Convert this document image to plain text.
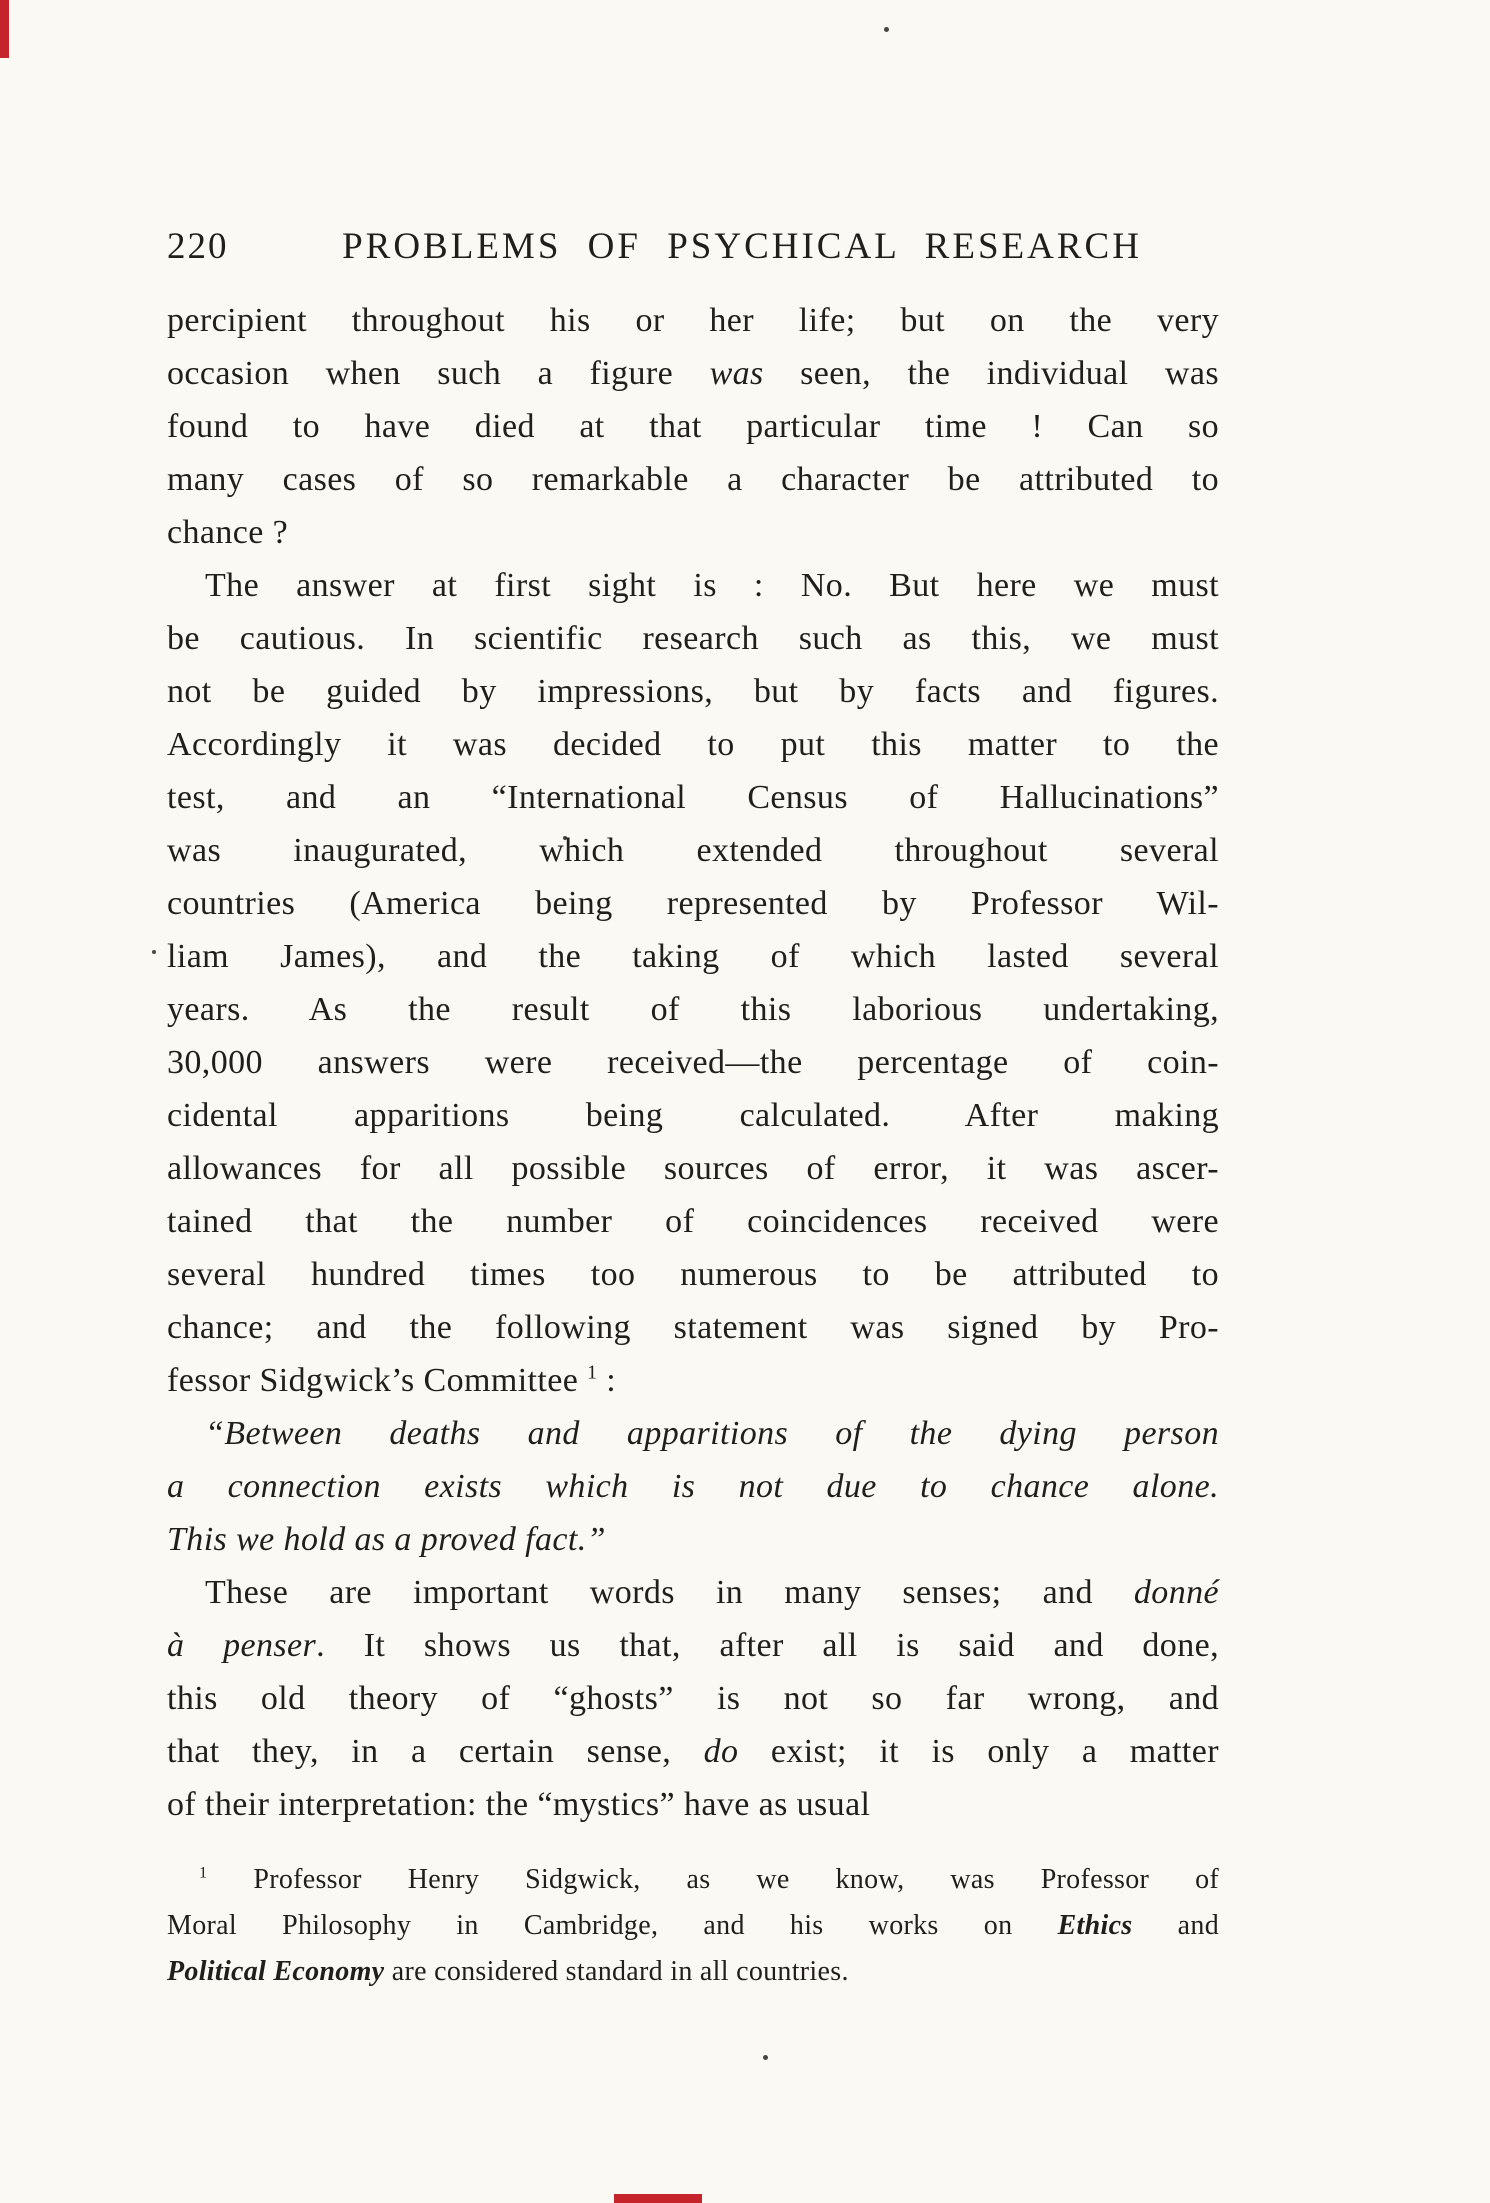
220	PROBLEMS OF PSYCHICAL RESEARCH
percipient throughout his or her life; but on the very
occasion when such a figure was seen, the individual was
found to have died at that particular time ! Can so
many cases of so remarkable a character be attributed to
chance ?
The answer at first sight is : No. But here we must
be cautious. In scientific research such as this, we must
not be guided by impressions, but by facts and figures.
Accordingly it was decided to put this matter to the
test, and an “International Census of Hallucinations”
was inaugurated, which extended throughout several
countries (America being represented by Professor Wil-
liam James), and the taking of which lasted several
years. As the result of this laborious undertaking,
30,000 answers were received—the percentage of coin-
cidental apparitions being calculated. After making
allowances for all possible sources of error, it was ascer-
tained that the number of coincidences received were
several hundred times too numerous to be attributed to
chance; and the following statement was signed by Pro-
fessor Sidgwick’s Committee $^1$ :
“Between deaths and apparitions of the dying person
a connection exists which is not due to chance alone.
This we hold as a proved fact.”
These are important words in many senses; and donné
à penser. It shows us that, after all is said and done,
this old theory of “ghosts” is not so far wrong, and
that they, in a certain sense, do exist; it is only a matter
of their interpretation: the “mystics” have as usual
$^1$ Professor Henry Sidgwick, as we know, was Professor of
Moral Philosophy in Cambridge, and his works on Ethics and
Political Economy are considered standard in all countries.
